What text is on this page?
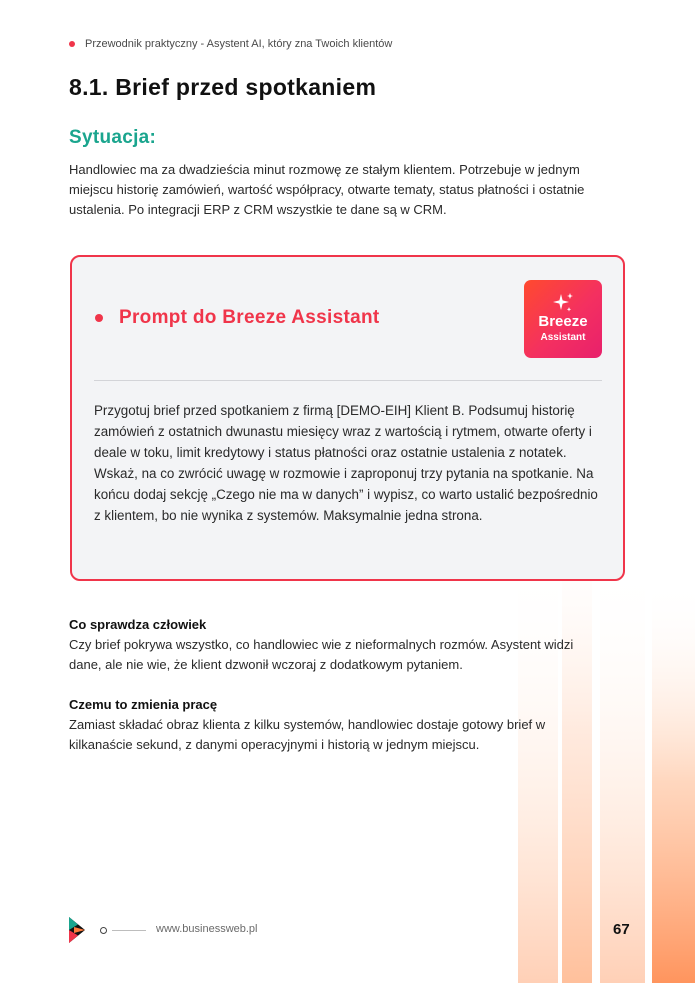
Przewodnik praktyczny - Asystent AI, który zna Twoich klientów
8.1. Brief przed spotkaniem
Sytuacja:

Handlowiec ma za dwadzieścia minut rozmowę ze stałym klientem. Potrzebuje w jednym miejscu historię zamówień, wartość współpracy, otwarte tematy, status płatności i ostatnie ustalenia. Po integracji ERP z CRM wszystkie te dane są w CRM.

Prompt do Breeze Assistant	Breeze
Assistant

Przygotuj brief przed spotkaniem z firmą [DEMO-EIH] Klient B. Podsumuj historię zamówień z ostatnich dwunastu miesięcy wraz z wartością i rytmem, otwarte oferty i deale w toku, limit kredytowy i status płatności oraz ostatnie ustalenia z notatek. Wskaż, na co zwrócić uwagę w rozmowie i zaproponuj trzy pytania na spotkanie. Na końcu dodaj sekcję „Czego nie ma w danych” i wypisz, co warto ustalić bezpośrednio z klientem, bo nie wynika z systemów. Maksymalnie jedna strona.

Co sprawdza człowiek

Czy brief pokrywa wszystko, co handlowiec wie z nieformalnych rozmów. Asystent widzi dane, ale nie wie, że klient dzwonił wczoraj z dodatkowym pytaniem.

Czemu to zmienia pracę

Zamiast składać obraz klienta z kilku systemów, handlowiec dostaje gotowy brief w kilkanaście sekund, z danymi operacyjnymi i historią w jednym miejscu.

www.businessweb.pl	67
